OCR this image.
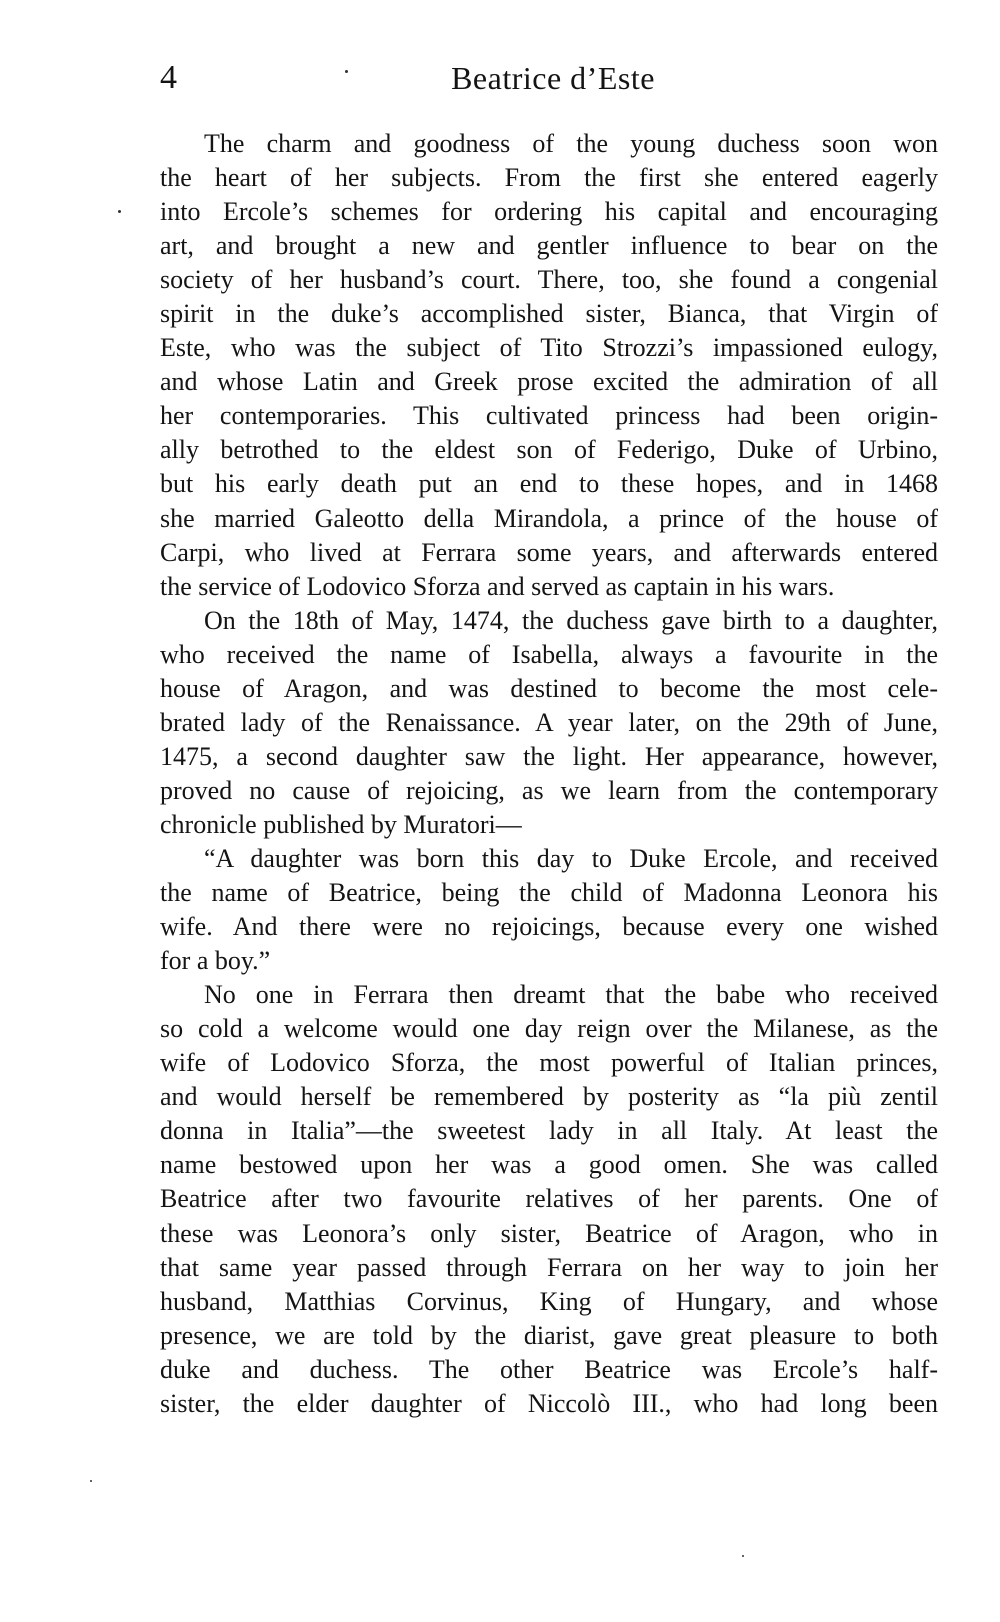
4	Beatrice d’Este
The charm and goodness of the young duchess soon won
the heart of her subjects. From the first she entered eagerly
into Ercole’s schemes for ordering his capital and encouraging
art, and brought a new and gentler influence to bear on the
society of her husband’s court. There, too, she found a congenial
spirit in the duke’s accomplished sister, Bianca, that Virgin of
Este, who was the subject of Tito Strozzi’s impassioned eulogy,
and whose Latin and Greek prose excited the admiration of all
her contemporaries. This cultivated princess had been origin-
ally betrothed to the eldest son of Federigo, Duke of Urbino,
but his early death put an end to these hopes, and in 1468
she married Galeotto della Mirandola, a prince of the house of
Carpi, who lived at Ferrara some years, and afterwards entered
the service of Lodovico Sforza and served as captain in his wars.
On the 18th of May, 1474, the duchess gave birth to a daughter,
who received the name of Isabella, always a favourite in the
house of Aragon, and was destined to become the most cele-
brated lady of the Renaissance. A year later, on the 29th of June,
1475, a second daughter saw the light. Her appearance, however,
proved no cause of rejoicing, as we learn from the contemporary
chronicle published by Muratori—
“A daughter was born this day to Duke Ercole, and received
the name of Beatrice, being the child of Madonna Leonora his
wife. And there were no rejoicings, because every one wished
for a boy.”
No one in Ferrara then dreamt that the babe who received
so cold a welcome would one day reign over the Milanese, as the
wife of Lodovico Sforza, the most powerful of Italian princes,
and would herself be remembered by posterity as “la più zentil
donna in Italia”—the sweetest lady in all Italy. At least the
name bestowed upon her was a good omen. She was called
Beatrice after two favourite relatives of her parents. One of
these was Leonora’s only sister, Beatrice of Aragon, who in
that same year passed through Ferrara on her way to join her
husband, Matthias Corvinus, King of Hungary, and whose
presence, we are told by the diarist, gave great pleasure to both
duke and duchess. The other Beatrice was Ercole’s half-
sister, the elder daughter of Niccolò III., who had long been
